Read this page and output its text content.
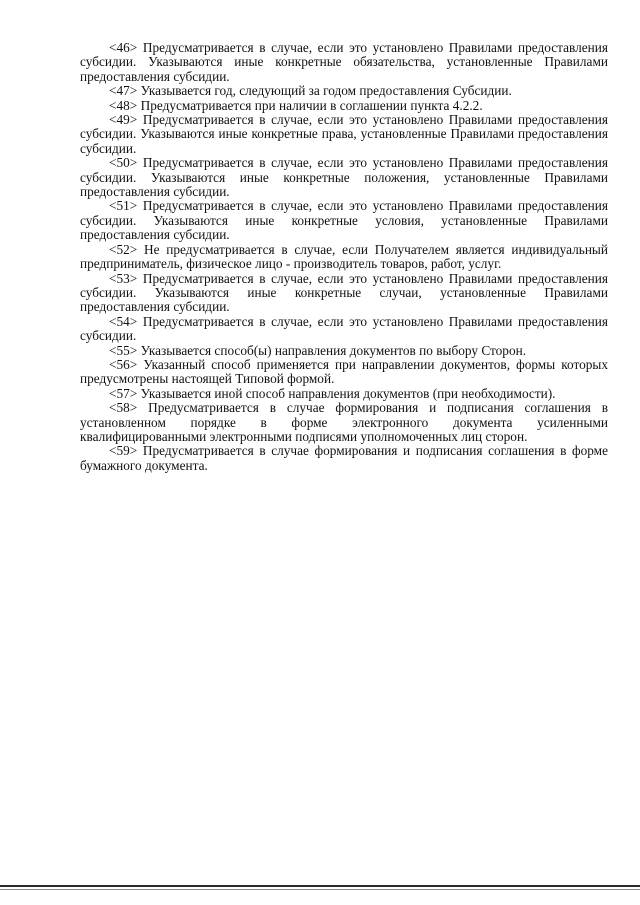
<46> Предусматривается в случае, если это установлено Правилами предоставления субсидии. Указываются иные конкретные обязательства, установленные Правилами предоставления субсидии.

<47> Указывается год, следующий за годом предоставления Субсидии.

<48> Предусматривается при наличии в соглашении пункта 4.2.2.

<49> Предусматривается в случае, если это установлено Правилами предоставления субсидии. Указываются иные конкретные права, установленные Правилами предоставления субсидии.

<50> Предусматривается в случае, если это установлено Правилами предоставления субсидии. Указываются иные конкретные положения, установленные Правилами предоставления субсидии.

<51> Предусматривается в случае, если это установлено Правилами предоставления субсидии. Указываются иные конкретные условия, установленные Правилами предоставления субсидии.

<52> Не предусматривается в случае, если Получателем является индивидуальный предприниматель, физическое лицо - производитель товаров, работ, услуг.

<53> Предусматривается в случае, если это установлено Правилами предоставления субсидии. Указываются иные конкретные случаи, установленные Правилами предоставления субсидии.

<54> Предусматривается в случае, если это установлено Правилами предоставления субсидии.

<55> Указывается способ(ы) направления документов по выбору Сторон.

<56> Указанный способ применяется при направлении документов, формы которых предусмотрены настоящей Типовой формой.

<57> Указывается иной способ направления документов (при необходимости).

<58> Предусматривается в случае формирования и подписания соглашения в установленном порядке в форме электронного документа усиленными квалифицированными электронными подписями уполномоченных лиц сторон.

<59> Предусматривается в случае формирования и подписания соглашения в форме бумажного документа.
